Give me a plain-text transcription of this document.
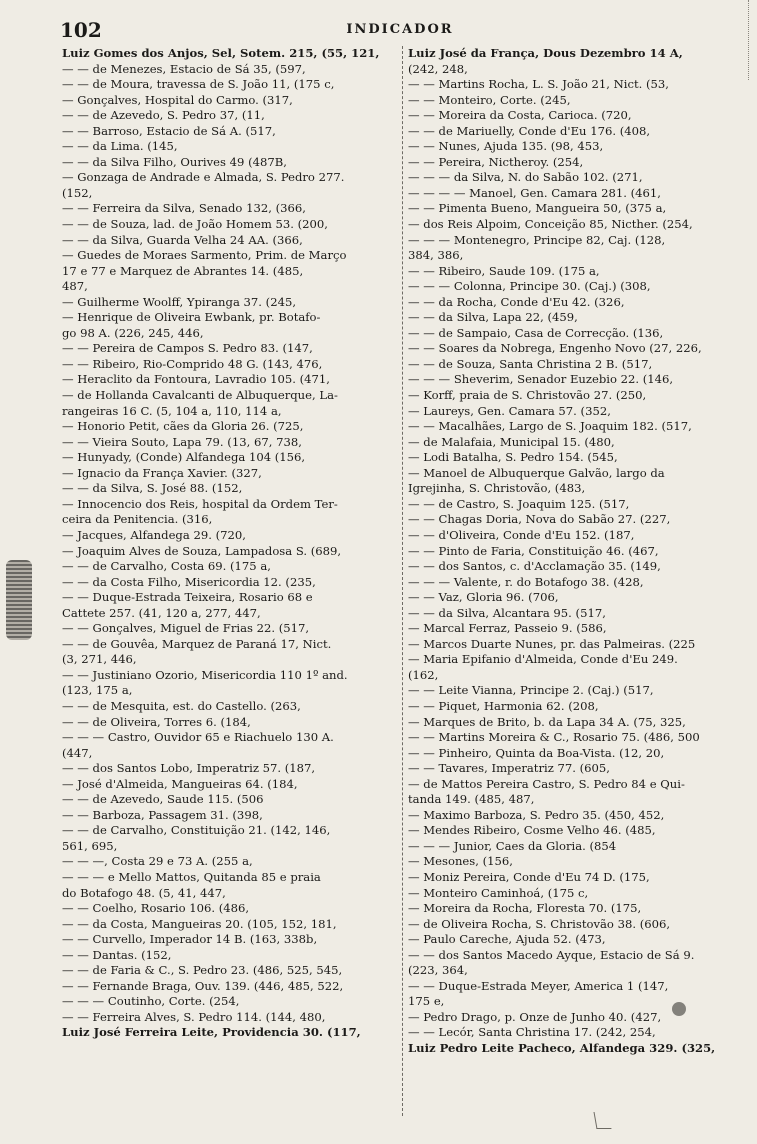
102	INDICADOR

Luiz Gomes dos Anjos, Sel, Sotem. 215, (55, 121,

— — de Menezes, Estacio de Sá 35, (597,

— — de Moura, travessa de S. João 11, (175 c,

— Gonçalves, Hospital do Carmo. (317,

— — de Azevedo, S. Pedro 37, (11,

— — Barroso, Estacio de Sá A. (517,

— — da Lima. (145,

— — da Silva Filho, Ourives 49 (487B,

— Gonzaga de Andrade e Almada, S. Pedro 277.

(152,

— — Ferreira da Silva, Senado 132, (366,

— — de Souza, lad. de João Homem 53. (200,

— — da Silva, Guarda Velha 24 AA. (366,

— Guedes de Moraes Sarmento, Prim. de Março

17 e 77 e Marquez de Abrantes 14. (485,

487,

— Guilherme Woolff, Ypiranga 37. (245,

— Henrique de Oliveira Ewbank, pr. Botafo-

go 98 A. (226, 245, 446,

— — Pereira de Campos S. Pedro 83. (147,

— — Ribeiro, Rio-Comprido 48 G. (143, 476,

— Heraclito da Fontoura, Lavradio 105. (471,

— de Hollanda Cavalcanti de Albuquerque, La-

rangeiras 16 C. (5, 104 a, 110, 114 a,

— Honorio Petit, cães da Gloria 26. (725,

— — Vieira Souto, Lapa 79. (13, 67, 738,

— Hunyady, (Conde) Alfandega 104 (156,

— Ignacio da França Xavier. (327,

— — da Silva, S. José 88. (152,

— Innocencio dos Reis, hospital da Ordem Ter-

ceira da Penitencia. (316,

— Jacques, Alfandega 29. (720,

— Joaquim Alves de Souza, Lampadosa S. (689,

— — de Carvalho, Costa 69. (175 a,

— — da Costa Filho, Misericordia 12. (235,

— — Duque-Estrada Teixeira, Rosario 68 e

Cattete 257. (41, 120 a, 277, 447,

— — Gonçalves, Miguel de Frias 22. (517,

— — de Gouvêa, Marquez de Paraná 17, Nict.

(3, 271, 446,

— — Justiniano Ozorio, Misericordia 110 1º and.

(123, 175 a,

— — de Mesquita, est. do Castello. (263,

— — de Oliveira, Torres 6. (184,

— — — Castro, Ouvidor 65 e Riachuelo 130 A.

(447,

— — dos Santos Lobo, Imperatriz 57. (187,

— José d'Almeida, Mangueiras 64. (184,

— — de Azevedo, Saude 115. (506

— — Barboza, Passagem 31. (398,

— — de Carvalho, Constituição 21. (142, 146,

561, 695,

— — —, Costa 29 e 73 A. (255 a,

— — — e Mello Mattos, Quitanda 85 e praia

do Botafogo 48. (5, 41, 447,

— — Coelho, Rosario 106. (486,

— — da Costa, Mangueiras 20. (105, 152, 181,

— — Curvello, Imperador 14 B. (163, 338b,

— — Dantas. (152,

— — de Faria & C., S. Pedro 23. (486, 525, 545,

— — Fernande Braga, Ouv. 139. (446, 485, 522,

— — — Coutinho, Corte. (254,

— — Ferreira Alves, S. Pedro 114. (144, 480,

Luiz José Ferreira Leite, Providencia 30. (117,

Luiz José da França, Dous Dezembro 14 A,

(242, 248,

— — Martins Rocha, L. S. João 21, Nict. (53,

— — Monteiro, Corte. (245,

— — Moreira da Costa, Carioca. (720,

— — de Mariuelly, Conde d'Eu 176. (408,

— — Nunes, Ajuda 135. (98, 453,

— — Pereira, Nictheroy. (254,

— — — da Silva, N. do Sabão 102. (271,

— — — — Manoel, Gen. Camara 281. (461,

— — Pimenta Bueno, Mangueira 50, (375 a,

— dos Reis Alpoim, Conceição 85, Nicther. (254,

— — — Montenegro, Principe 82, Caj. (128,

384, 386,

— — Ribeiro, Saude 109. (175 a,

— — — Colonna, Principe 30. (Caj.) (308,

— — da Rocha, Conde d'Eu 42. (326,

— — da Silva, Lapa 22, (459,

— — de Sampaio, Casa de Correcção. (136,

— — Soares da Nobrega, Engenho Novo (27, 226,

— — de Souza, Santa Christina 2 B. (517,

— — — Sheverim, Senador Euzebio 22. (146,

— Korff, praia de S. Christovão 27. (250,

— Laureys, Gen. Camara 57. (352,

— — Macalhães, Largo de S. Joaquim 182. (517,

— de Malafaia, Municipal 15. (480,

— Lodi Batalha, S. Pedro 154. (545,

— Manoel de Albuquerque Galvão, largo da

Igrejinha, S. Christovão, (483,

— — de Castro, S. Joaquim 125. (517,

— — Chagas Doria, Nova do Sabão 27. (227,

— — d'Oliveira, Conde d'Eu 152. (187,

— — Pinto de Faria, Constituição 46. (467,

— — dos Santos, c. d'Acclamação 35. (149,

— — — Valente, r. do Botafogo 38. (428,

— — Vaz, Gloria 96. (706,

— — da Silva, Alcantara 95. (517,

— Marcal Ferraz, Passeio 9. (586,

— Marcos Duarte Nunes, pr. das Palmeiras. (225

— Maria Epifanio d'Almeida, Conde d'Eu 249.

(162,

— — Leite Vianna, Principe 2. (Caj.) (517,

— — Piquet, Harmonia 62. (208,

— Marques de Brito, b. da Lapa 34 A. (75, 325,

— — Martins Moreira & C., Rosario 75. (486, 500

— — Pinheiro, Quinta da Boa-Vista. (12, 20,

— — Tavares, Imperatriz 77. (605,

— de Mattos Pereira Castro, S. Pedro 84 e Qui-

tanda 149. (485, 487,

— Maximo Barboza, S. Pedro 35. (450, 452,

— Mendes Ribeiro, Cosme Velho 46. (485,

— — — Junior, Caes da Gloria. (854

— Mesones, (156,

— Moniz Pereira, Conde d'Eu 74 D. (175,

— Monteiro Caminhoá, (175 c,

— Moreira da Rocha, Floresta 70. (175,

— de Oliveira Rocha, S. Christovão 38. (606,

— Paulo Careche, Ajuda 52. (473,

— — dos Santos Macedo Ayque, Estacio de Sá 9.

(223, 364,

— — Duque-Estrada Meyer, America 1 (147,

175 e,

— Pedro Drago, p. Onze de Junho 40. (427,

— — Lecór, Santa Christina 17. (242, 254,

Luiz Pedro Leite Pacheco, Alfandega 329. (325,
